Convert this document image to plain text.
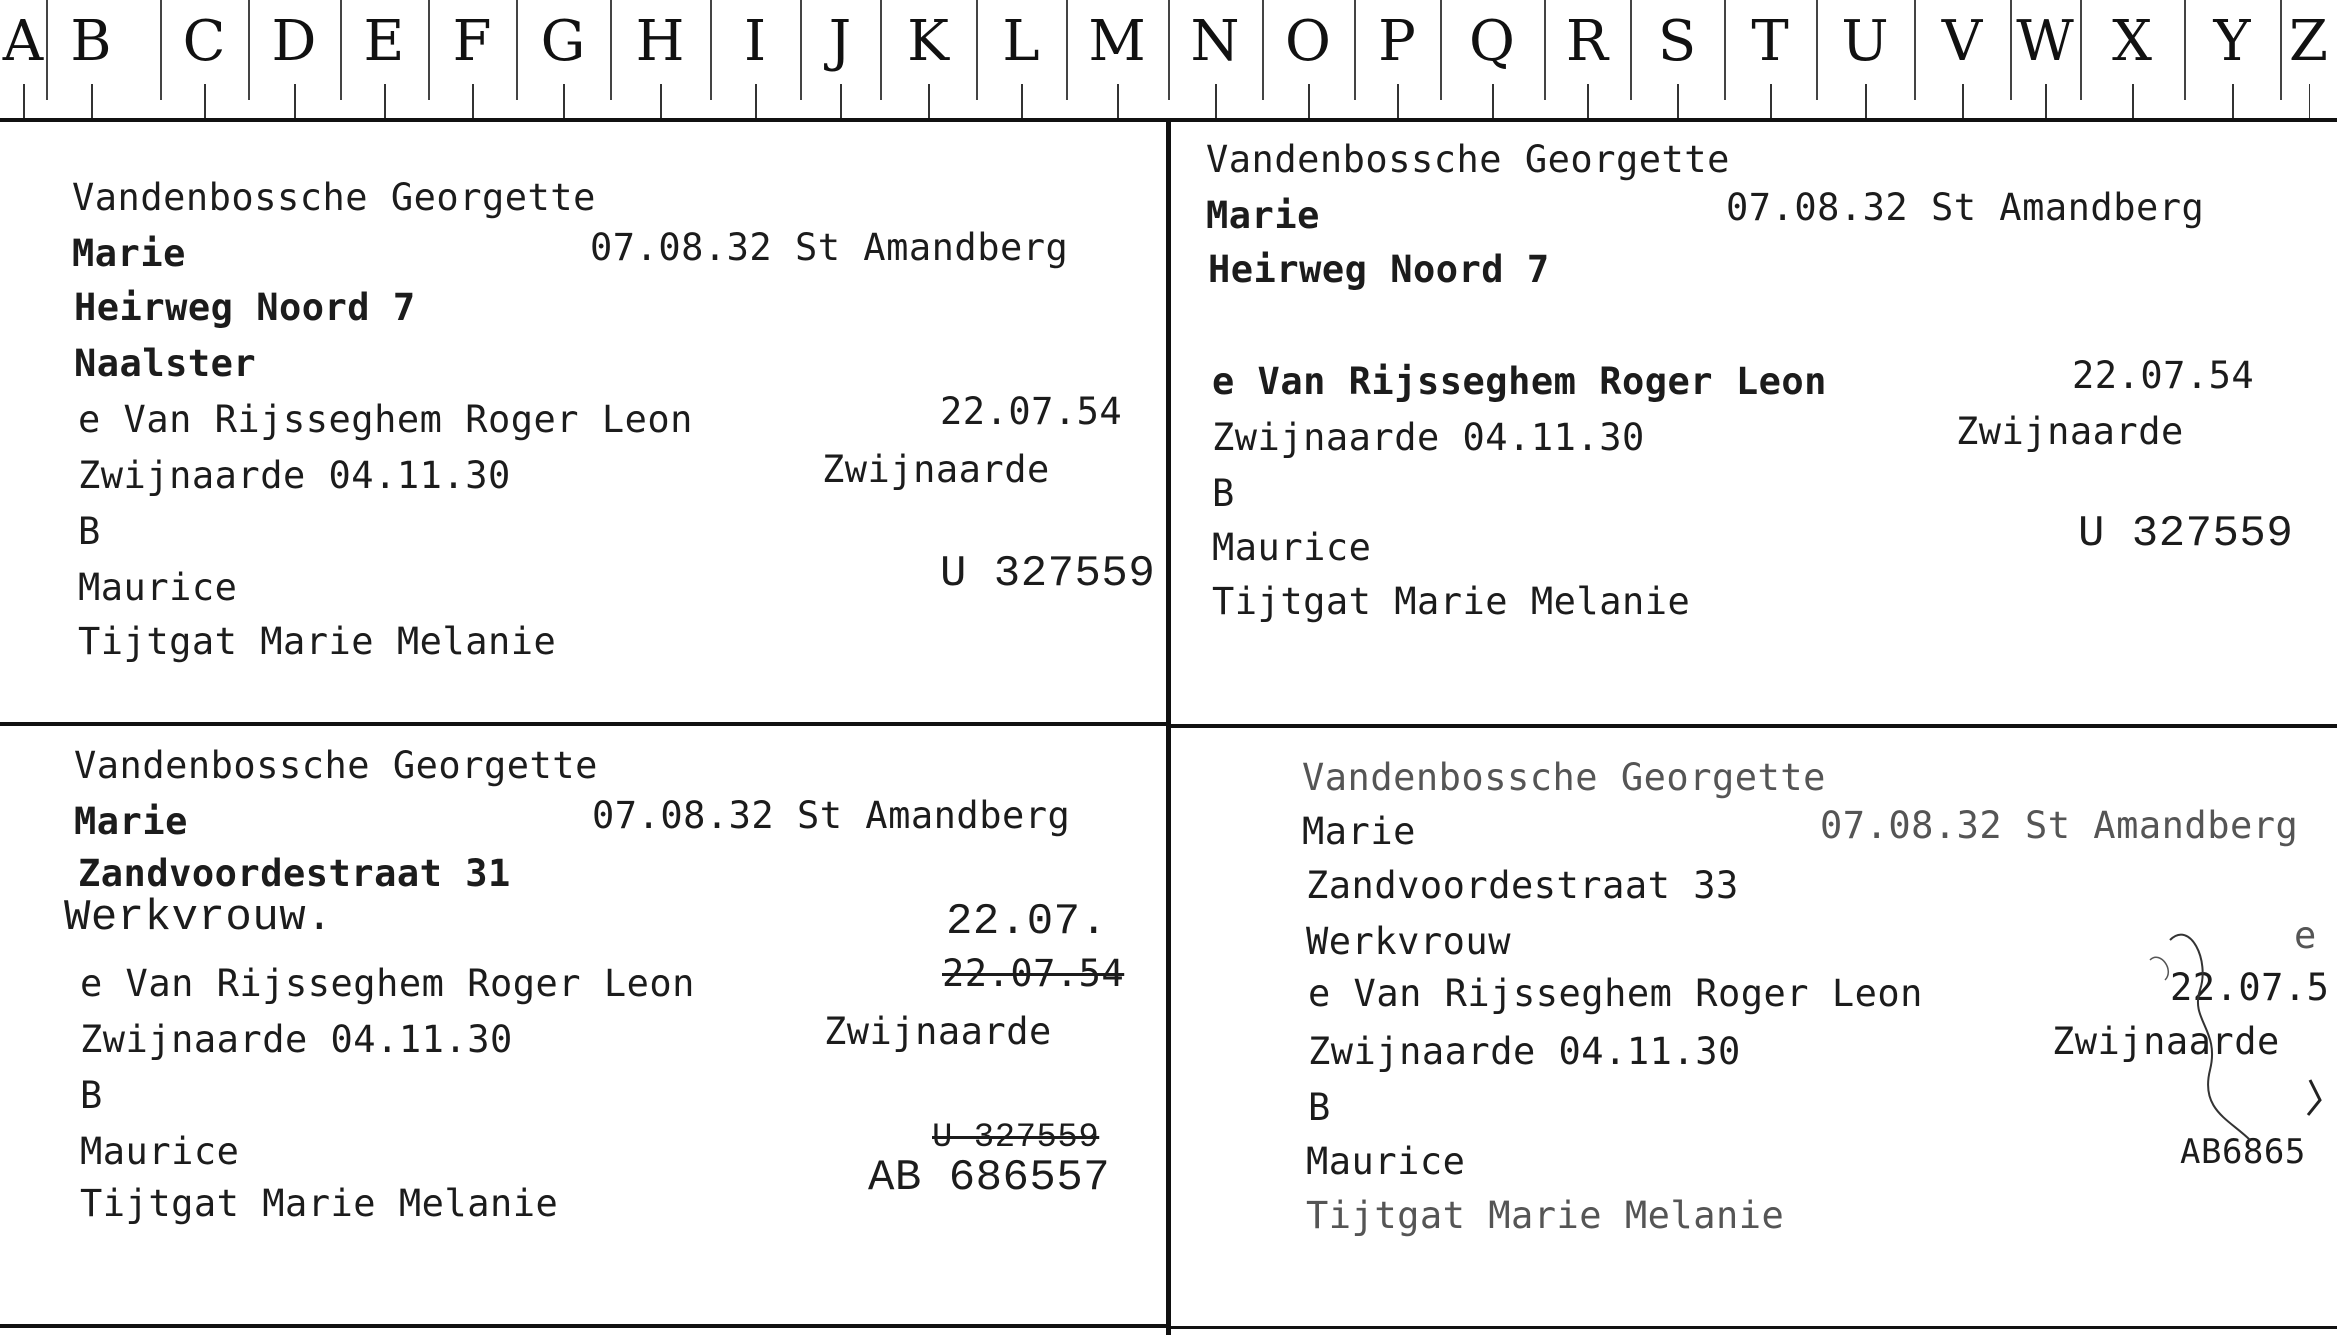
A B	C D E F G H	I	J K L M N O P Q R S T U V W X	Y Z
Vandenbossche Georgette
Marie	07.08.32 St Amandberg
Heirweg Noord 7
Naalster
e Van Rijsseghem Roger Leon	22.07.54
Zwijnaarde 04.11.30	Zwijnaarde
B
Maurice	U 327559
Tijtgat Marie Melanie
Vandenbossche Georgette
Marie	07.08.32 St Amandberg
Heirweg Noord 7
e Van Rijsseghem Roger Leon	22.07.54
Zwijnaarde 04.11.30	Zwijnaarde
B
Maurice	U 327559
Tijtgat Marie Melanie
Vandenbossche Georgette
Marie	07.08.32 St Amandberg
Zandvoordestraat 31
Werkvrouw.	22.07.
e Van Rijsseghem Roger Leon	22.07.54
Zwijnaarde 04.11.30	Zwijnaarde
B
Maurice	U 327559
AB 686557
Tijtgat Marie Melanie
Vandenbossche Georgette
Marie	07.08.32 St Amandberg
Zandvoordestraat 33
Werkvrouw	e
e Van Rijsseghem Roger Leon	22.07.5
Zwijnaarde 04.11.30	Zwijnaarde
B
Maurice	AB6865
Tijtgat Marie Melanie
